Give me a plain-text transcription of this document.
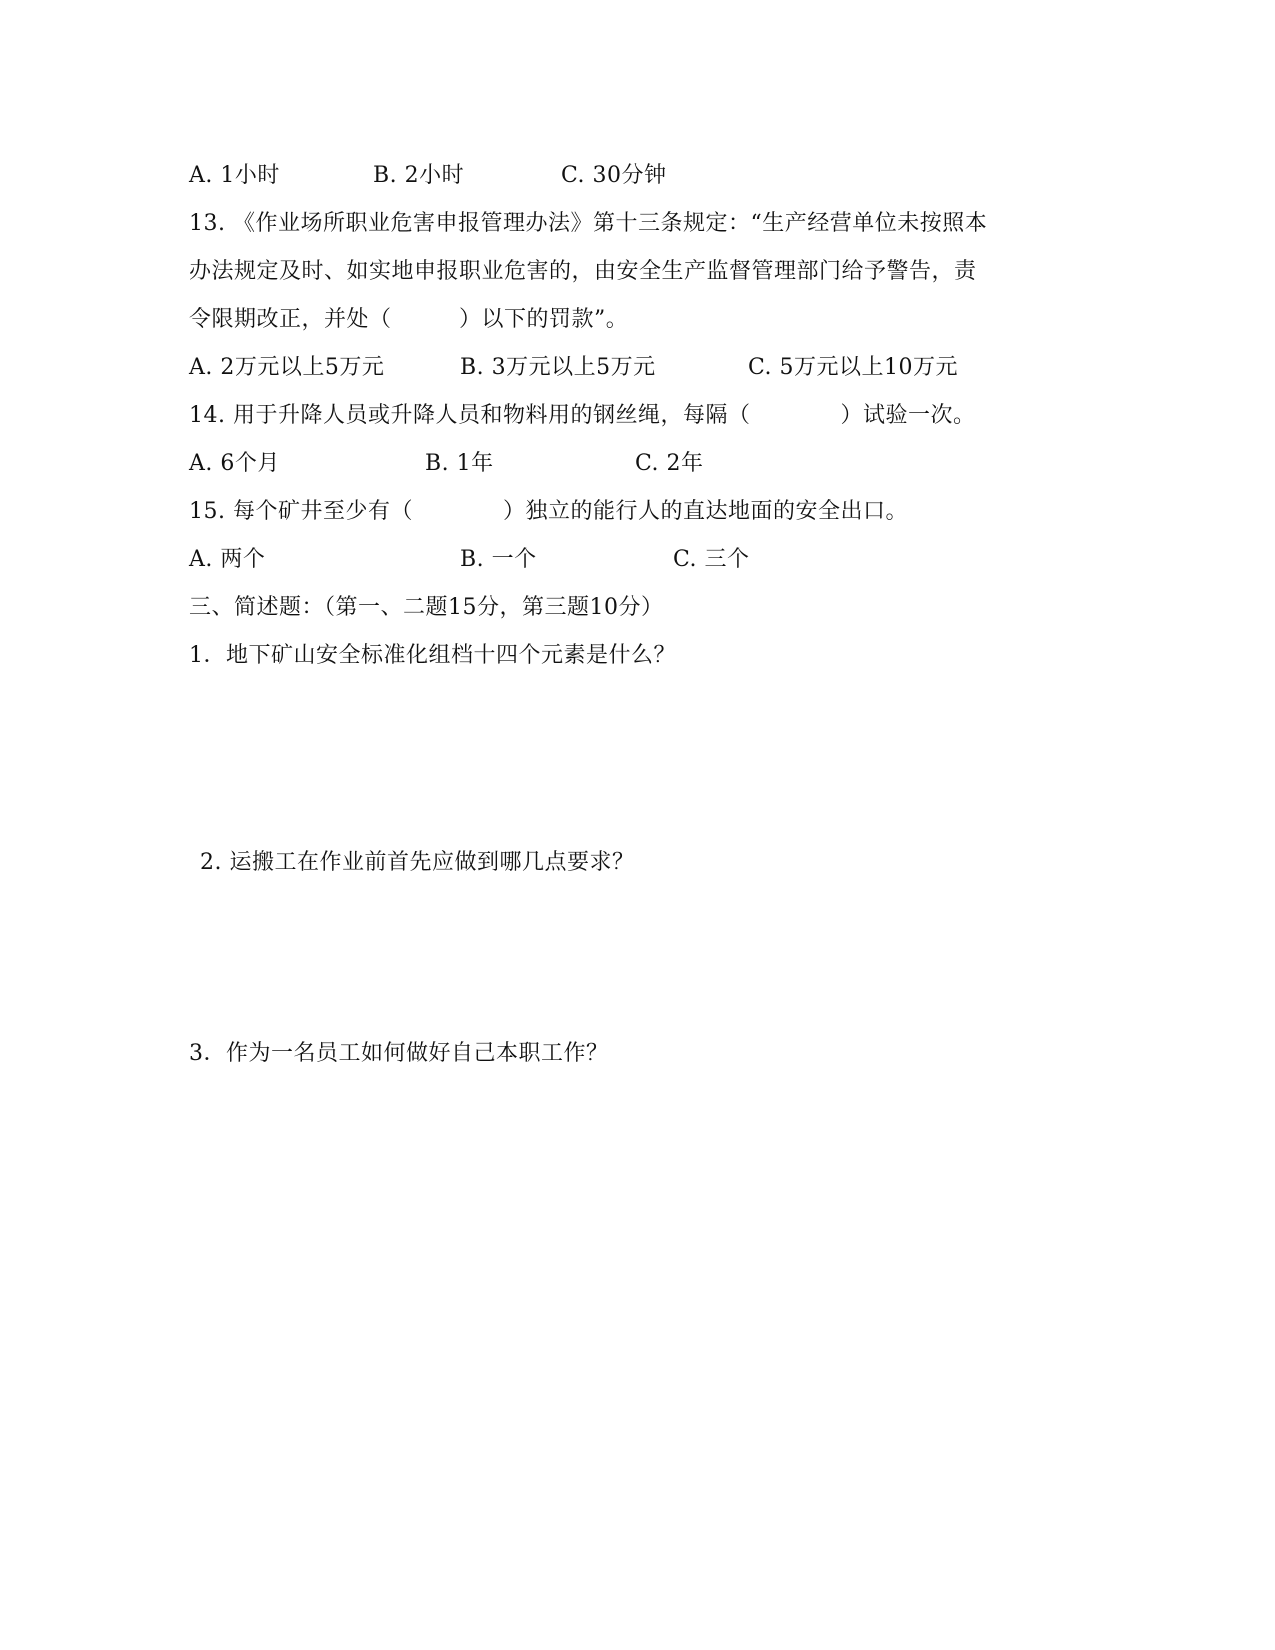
A. 1小时	B. 2小时	C. 30分钟
13. 《作业场所职业危害申报管理办法》第十三条规定：“生产经营单位未按照本
办法规定及时、如实地申报职业危害的，由安全生产监督管理部门给予警告，责
令限期改正，并处（　　　）以下的罚款”。
A. 2万元以上5万元	B. 3万元以上5万元	C. 5万元以上10万元
14. 用于升降人员或升降人员和物料用的钢丝绳，每隔（　　　　）试验一次。
A. 6个月	B. 1年	C. 2年
15. 每个矿井至少有（　　　　）独立的能行人的直达地面的安全出口。
A. 两个	B. 一个	C. 三个
三、简述题：（第一、二题15分，第三题10分）
1．地下矿山安全标准化组档十四个元素是什么？
2. 运搬工在作业前首先应做到哪几点要求？
3．作为一名员工如何做好自己本职工作？
